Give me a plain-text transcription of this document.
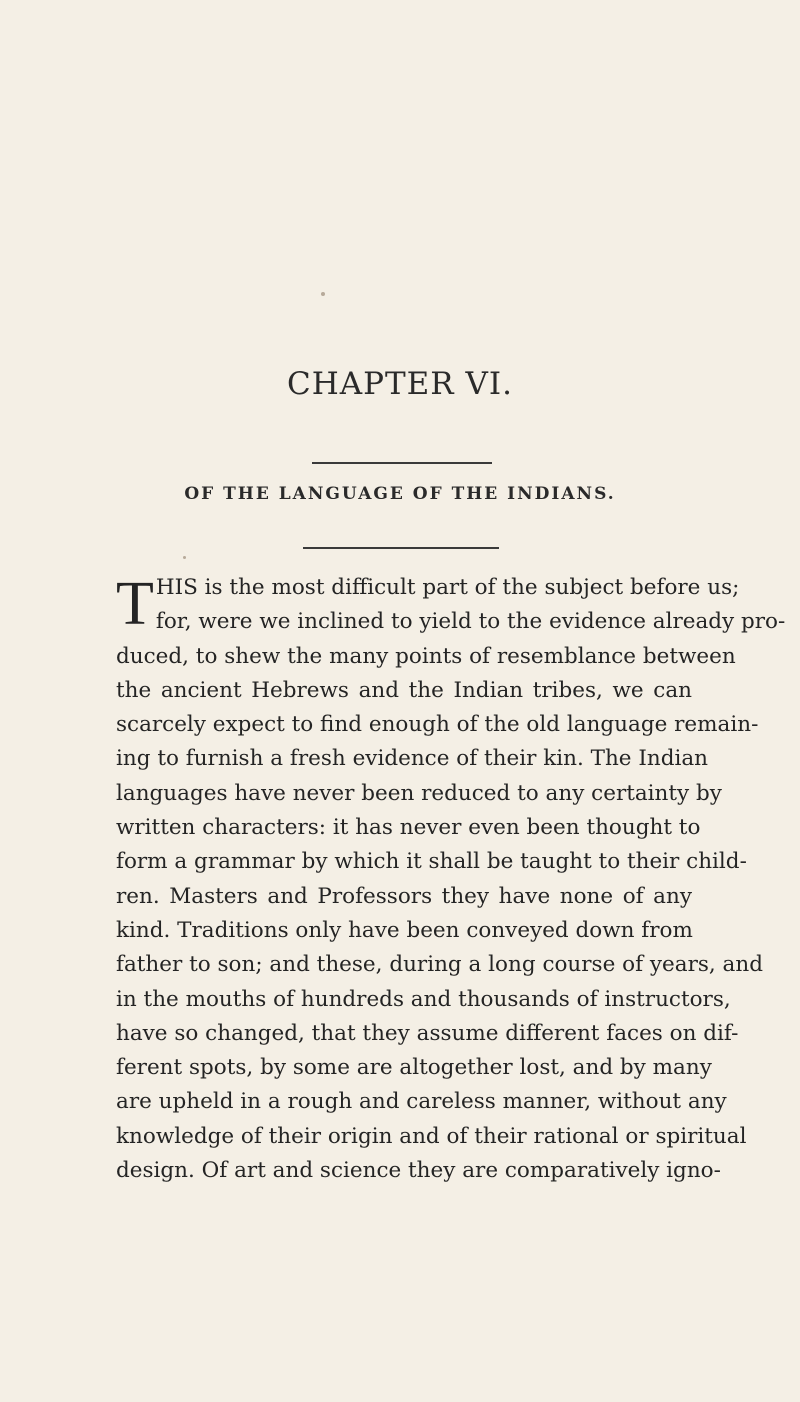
CHAPTER VI.
OF THE LANGUAGE OF THE INDIANS.
T HIS is the most difficult part of the subject before us;
for, were we inclined to yield to the evidence already pro-
duced, to shew the many points of resemblance between
the ancient Hebrews and the Indian tribes, we can
scarcely expect to find enough of the old language remain-
ing to furnish a fresh evidence of their kin. The Indian
languages have never been reduced to any certainty by
written characters: it has never even been thought to
form a grammar by which it shall be taught to their child-
ren. Masters and Professors they have none of any
kind. Traditions only have been conveyed down from
father to son; and these, during a long course of years, and
in the mouths of hundreds and thousands of instructors,
have so changed, that they assume different faces on dif-
ferent spots, by some are altogether lost, and by many
are upheld in a rough and careless manner, without any
knowledge of their origin and of their rational or spiritual
design. Of art and science they are comparatively igno-
